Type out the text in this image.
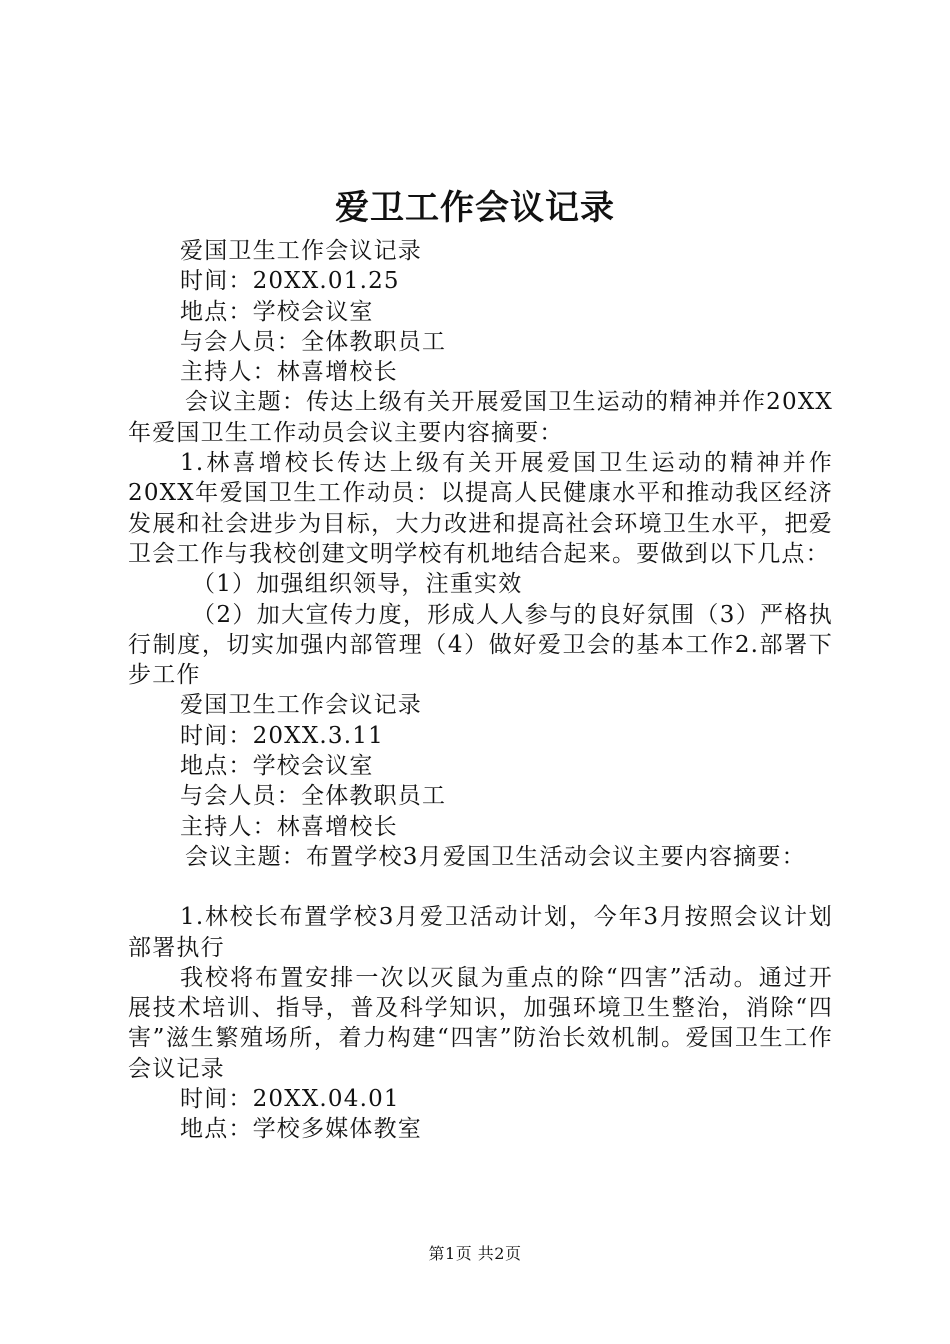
爱卫工作会议记录

爱国卫生工作会议记录

时间：20XX.01.25

地点：学校会议室

与会人员：全体教职员工

主持人：林喜增校长

会议主题：传达上级有关开展爱国卫生运动的精神并作20XX年爱国卫生工作动员会议主要内容摘要：

1.林喜增校长传达上级有关开展爱国卫生运动的精神并作20XX年爱国卫生工作动员：以提高人民健康水平和推动我区经济发展和社会进步为目标，大力改进和提高社会环境卫生水平，把爱卫会工作与我校创建文明学校有机地结合起来。要做到以下几点：

（1）加强组织领导，注重实效

（2）加大宣传力度，形成人人参与的良好氛围（3）严格执行制度，切实加强内部管理（4）做好爱卫会的基本工作2.部署下步工作

爱国卫生工作会议记录

时间：20XX.3.11

地点：学校会议室

与会人员：全体教职员工

主持人：林喜增校长

会议主题：布置学校3月爱国卫生活动会议主要内容摘要：

1.林校长布置学校3月爱卫活动计划，今年3月按照会议计划部署执行

我校将布置安排一次以灭鼠为重点的除“四害”活动。通过开展技术培训、指导，普及科学知识，加强环境卫生整治，消除“四害”滋生繁殖场所，着力构建“四害”防治长效机制。爱国卫生工作会议记录

时间：20XX.04.01

地点：学校多媒体教室

第1页 共2页
